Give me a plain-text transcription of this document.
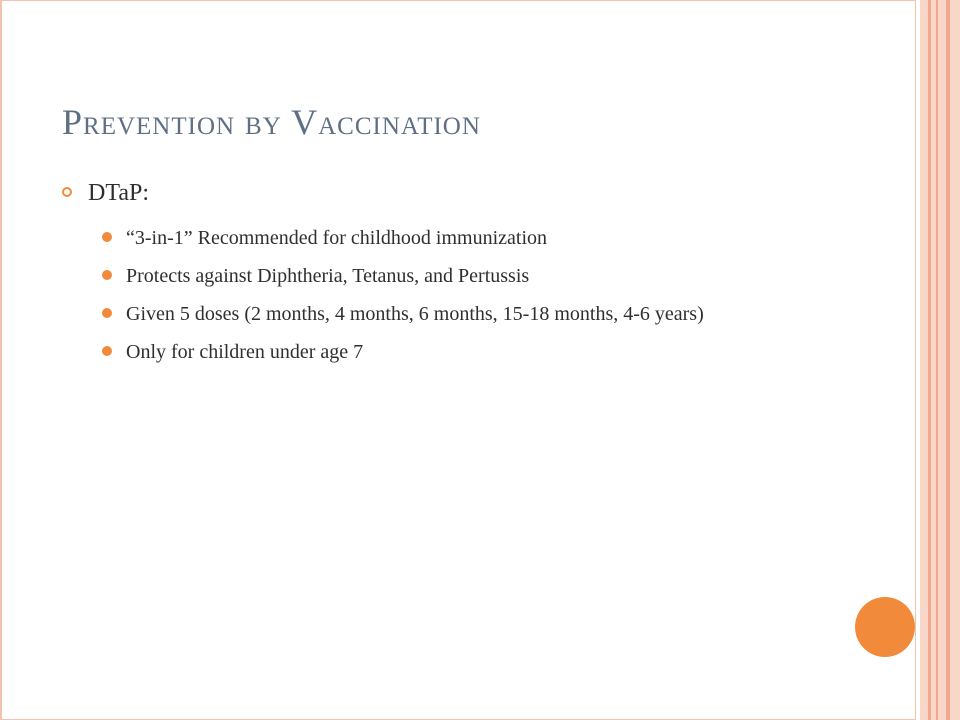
Prevention by Vaccination
DTaP:
“3-in-1” Recommended for childhood immunization
Protects against Diphtheria, Tetanus, and Pertussis
Given 5 doses (2 months, 4 months, 6 months, 15-18 months, 4-6 years)
Only for children under age 7
